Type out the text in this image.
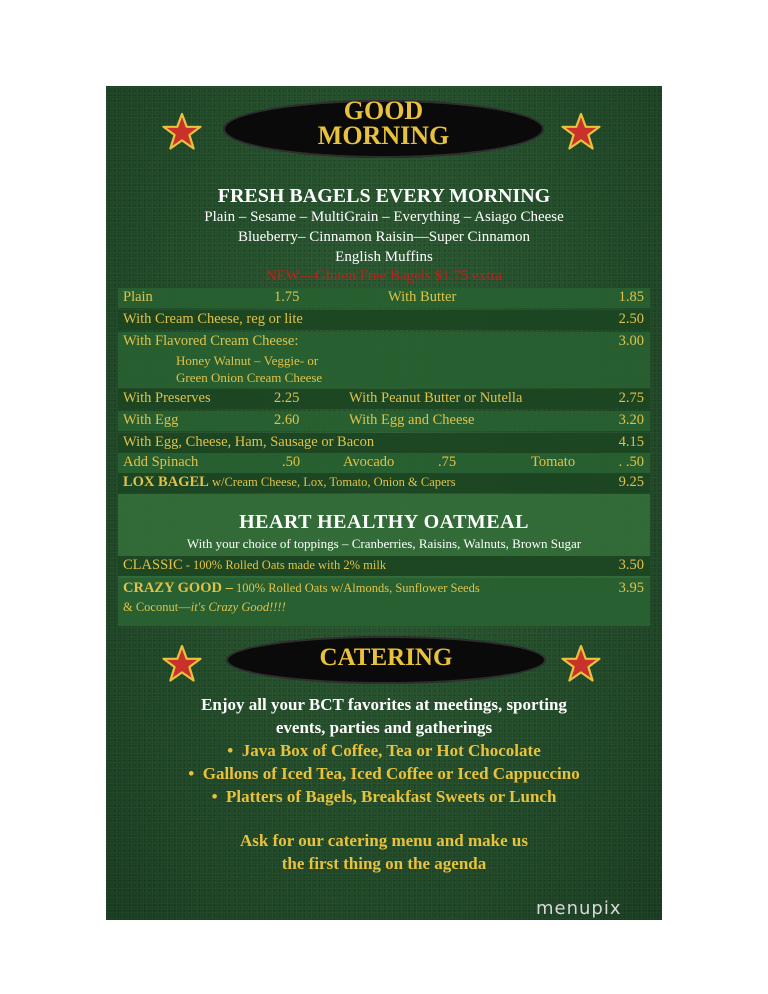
GOOD
MORNING
FRESH BAGELS EVERY MORNING
Plain – Sesame – MultiGrain – Everything – Asiago Cheese
Blueberry– Cinnamon Raisin—Super Cinnamon
English Muffins
NEW—Gluten Free Bagels $1.75 extra
Plain	1.75	With Butter	1.85
With Cream Cheese, reg or lite	2.50
With Flavored Cream Cheese:	3.00
Honey Walnut – Veggie- or
Green Onion Cream Cheese
With Preserves	2.25	With Peanut Butter or Nutella	2.75
With Egg	2.60	With Egg and Cheese	3.20
With Egg, Cheese, Ham, Sausage or Bacon	4.15
Add Spinach	.50	Avocado	.75	Tomato	. .50
LOX BAGEL w/Cream Cheese, Lox, Tomato, Onion & Capers	9.25
HEART HEALTHY OATMEAL
With your choice of toppings – Cranberries, Raisins, Walnuts, Brown Sugar
CLASSIC - 100% Rolled Oats made with 2% milk	3.50
CRAZY GOOD – 100% Rolled Oats w/Almonds, Sunflower Seeds	3.95
& Coconut—it's Crazy Good!!!!
CATERING
Enjoy all your BCT favorites at meetings, sporting
events, parties and gatherings
•  Java Box of Coffee, Tea or Hot Chocolate
•  Gallons of Iced Tea, Iced Coffee or Iced Cappuccino
•  Platters of Bagels, Breakfast Sweets or Lunch
Ask for our catering menu and make us
the first thing on the agenda
menupix
